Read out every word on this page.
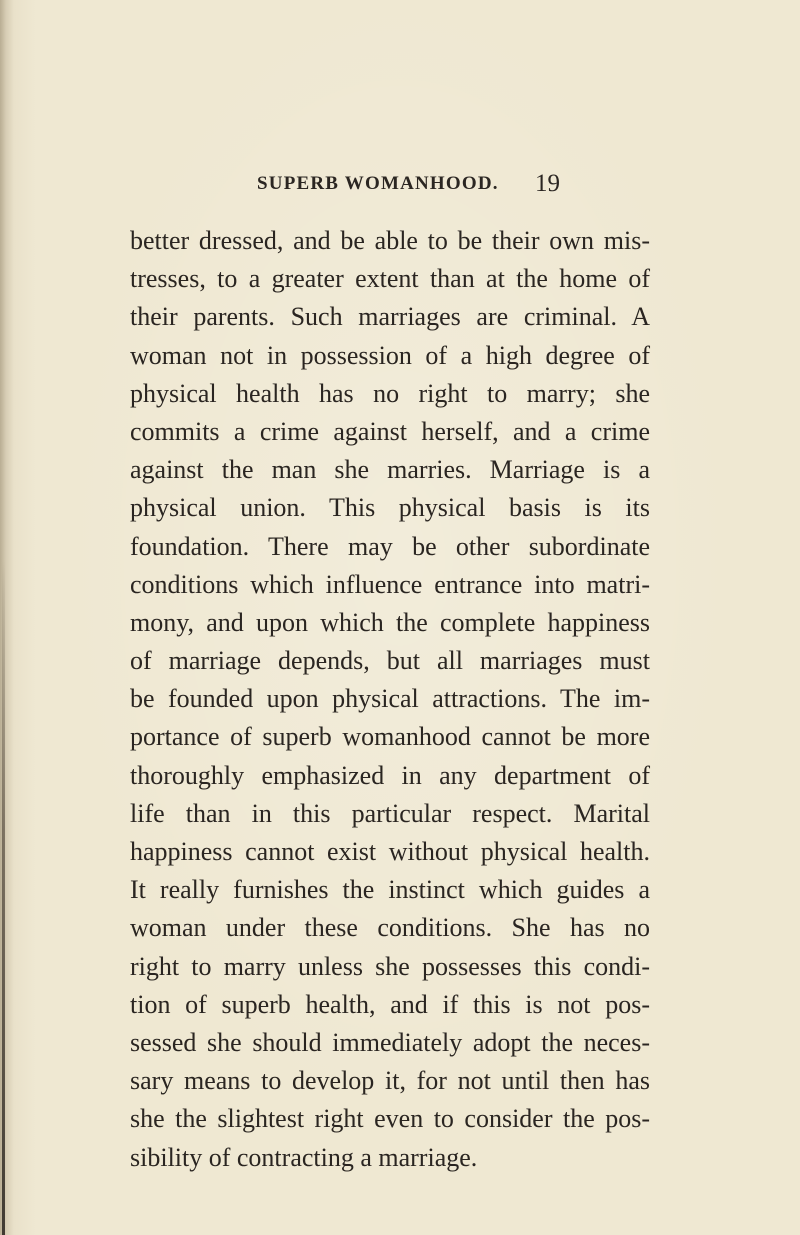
SUPERB WOMANHOOD. 19
better dressed, and be able to be their own mis-
tresses, to a greater extent than at the home of
their parents. Such marriages are criminal. A
woman not in possession of a high degree of
physical health has no right to marry; she
commits a crime against herself, and a crime
against the man she marries. Marriage is a
physical union. This physical basis is its
foundation. There may be other subordinate
conditions which influence entrance into matri-
mony, and upon which the complete happiness
of marriage depends, but all marriages must
be founded upon physical attractions. The im-
portance of superb womanhood cannot be more
thoroughly emphasized in any department of
life than in this particular respect. Marital
happiness cannot exist without physical health.
It really furnishes the instinct which guides a
woman under these conditions. She has no
right to marry unless she possesses this condi-
tion of superb health, and if this is not pos-
sessed she should immediately adopt the neces-
sary means to develop it, for not until then has
she the slightest right even to consider the pos-
sibility of contracting a marriage.
